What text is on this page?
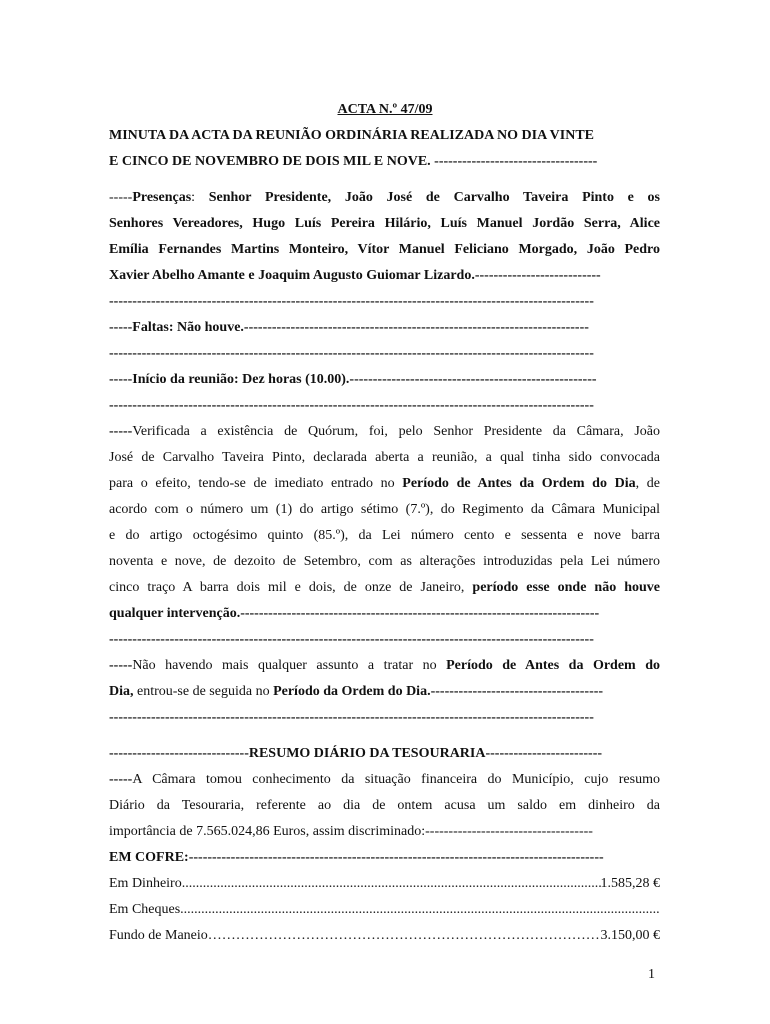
ACTA N.º 47/09
MINUTA DA ACTA DA REUNIÃO ORDINÁRIA REALIZADA NO DIA VINTE
E CINCO DE NOVEMBRO DE DOIS MIL E NOVE. -----------------------------------
-----Presenças: Senhor Presidente, João José de Carvalho Taveira Pinto e os
Senhores Vereadores, Hugo Luís Pereira Hilário, Luís Manuel Jordão Serra, Alice
Emília Fernandes Martins Monteiro, Vítor Manuel Feliciano Morgado, João Pedro
Xavier Abelho Amante e Joaquim Augusto Guiomar Lizardo.---------------------------
--------------------------------------------------------------------------------------------------------
-----Faltas: Não houve.--------------------------------------------------------------------------
--------------------------------------------------------------------------------------------------------
-----Início da reunião: Dez horas (10.00).-----------------------------------------------------
--------------------------------------------------------------------------------------------------------
-----Verificada a existência de Quórum, foi, pelo Senhor Presidente da Câmara, João
José de Carvalho Taveira Pinto, declarada aberta a reunião, a qual tinha sido convocada
para o efeito, tendo-se de imediato entrado no Período de Antes da Ordem do Dia, de
acordo com o número um (1) do artigo sétimo (7.º), do Regimento da Câmara Municipal
e do artigo octogésimo quinto (85.º), da Lei número cento e sessenta e nove barra
noventa e nove, de dezoito de Setembro, com as alterações introduzidas pela Lei número
cinco traço A barra dois mil e dois, de onze de Janeiro, período esse onde não houve
qualquer intervenção.-----------------------------------------------------------------------------
--------------------------------------------------------------------------------------------------------
-----Não havendo mais qualquer assunto a tratar no Período de Antes da Ordem do
Dia, entrou-se de seguida no Período da Ordem do Dia.-------------------------------------
--------------------------------------------------------------------------------------------------------
------------------------------RESUMO DIÁRIO DA TESOURARIA-------------------------
-----A Câmara tomou conhecimento da situação financeira do Município, cujo resumo
Diário da Tesouraria, referente ao dia de ontem acusa um saldo em dinheiro da
importância de 7.565.024,86 Euros, assim discriminado:------------------------------------
EM COFRE:-----------------------------------------------------------------------------------------
Em Dinheiro .....	1.585,28 €
Em Cheques
.....
Fundo de Maneio ……………………………………………………………………………………………………………………………………………	3.150,00 €
1
